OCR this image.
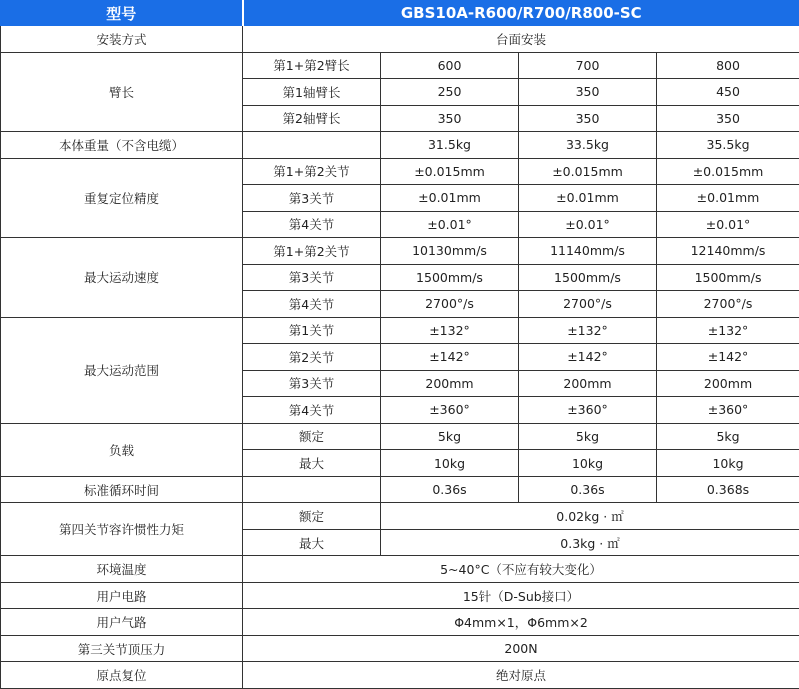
型号	GBS10A-R600/R700/R800-SC			
安装方式	台面安装			
臂长	第1+第2臂长	600	700	800
	第1轴臂长	250	350	450
	第2轴臂长	350	350	350
本体重量（不含电缆）		31.5kg	33.5kg	35.5kg
重复定位精度	第1+第2关节	±0.015mm	±0.015mm	±0.015mm
	第3关节	±0.01mm	±0.01mm	±0.01mm
	第4关节	±0.01°	±0.01°	±0.01°
最大运动速度	第1+第2关节	10130mm/s	11140mm/s	12140mm/s
	第3关节	1500mm/s	1500mm/s	1500mm/s
	第4关节	2700°/s	2700°/s	2700°/s
最大运动范围	第1关节	±132°	±132°	±132°
	第2关节	±142°	±142°	±142°
	第3关节	200mm	200mm	200mm
	第4关节	±360°	±360°	±360°
负载	额定	5kg	5kg	5kg
	最大	10kg	10kg	10kg
标准循环时间		0.36s	0.36s	0.368s
第四关节容许惯性力矩	额定	0.02kg · ㎡		
	最大	0.3kg · ㎡		
环境温度	5~40°C（不应有较大变化）			
用户电路	15针（D-Sub接口）			
用户气路	Φ4mm×1，Φ6mm×2			
第三关节顶压力	200N			
原点复位	绝对原点			
